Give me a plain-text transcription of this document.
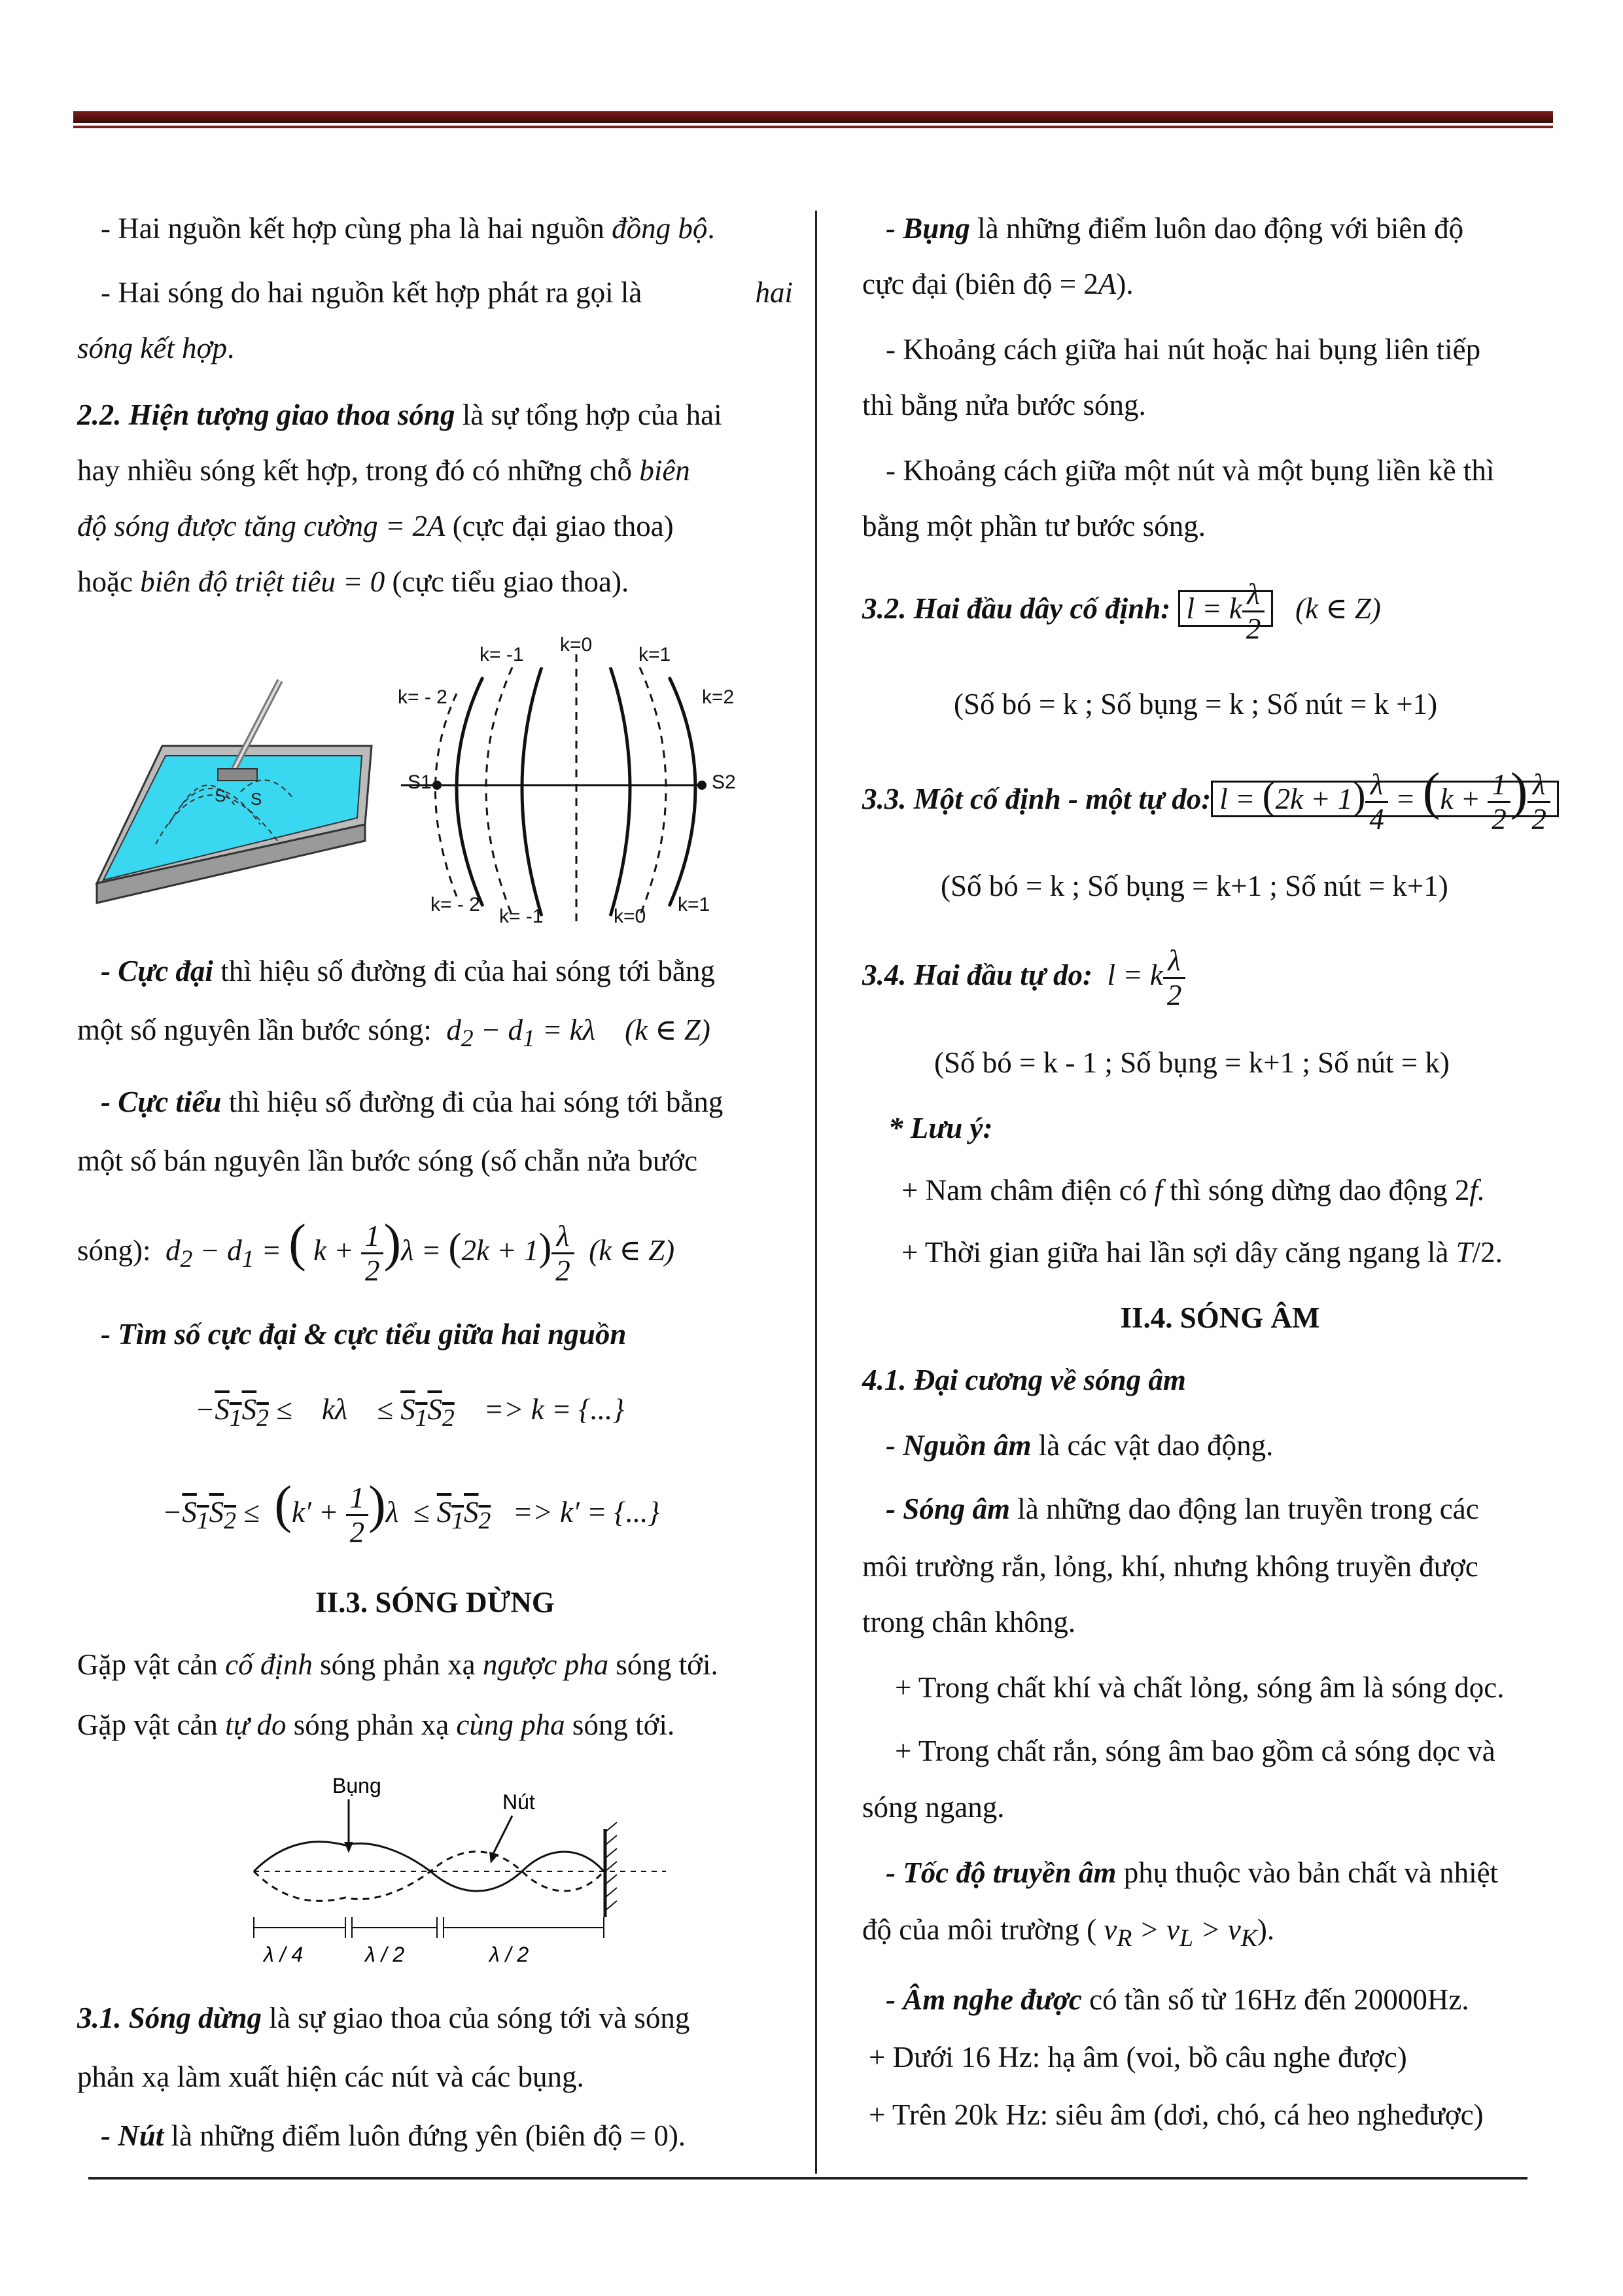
- Hai nguồn kết hợp cùng pha là hai nguồn đồng bộ.
- Hai sóng do hai nguồn kết hợp phát ra gọi là	hai
sóng kết hợp.
2.2. Hiện tượng giao thoa sóng là sự tổng hợp của hai
hay nhiều sóng kết hợp, trong đó có những chỗ biên
độ sóng được tăng cường = 2A (cực đại giao thoa)
hoặc biên độ triệt tiêu = 0 (cực tiểu giao thoa).
S S
k= -1 k=0 k=1
k= - 2	k=2
S1	S2
k= - 2
k= -1	k=0
k=1
- Cực đại thì hiệu số đường đi của hai sóng tới bằng
một số nguyên lần bước sóng:  $d_2 - d_1 = k\lambda$    (k ∈ Z)
- Cực tiểu thì hiệu số đường đi của hai sóng tới bằng
một số bán nguyên lần bước sóng (số chẵn nửa bước
sóng):  $d_2 - d_1$ = ( $k + \frac{1}{2} )\lambda = (2k + 1) \frac{\lambda}{2} (k$ ∈ Z)
- Tìm số cực đại & cực tiểu giữa hai nguồn
$-S_1S_2$ ≤    kλ    ≤ $S_1S_2$    => k = {...}
$-S_1S_2 \le (k' + \frac{1}{2} )\lambda \le S_1S_2 => k'$ = {...}
II.3. SÓNG DỪNG
Gặp vật cản cố định sóng phản xạ ngược pha sóng tới.
Gặp vật cản tự do sóng phản xạ cùng pha sóng tới.
Bụng
Nút
λ / 4	λ / 2	λ / 2
3.1. Sóng dừng là sự giao thoa của sóng tới và sóng
phản xạ làm xuất hiện các nút và các bụng.
- Nút là những điểm luôn đứng yên (biên độ = 0).
- Bụng là những điểm luôn dao động với biên độ
cực đại (biên độ = 2A).
- Khoảng cách giữa hai nút hoặc hai bụng liên tiếp
thì bằng nửa bước sóng.
- Khoảng cách giữa một nút và một bụng liền kề thì
bằng một phần tư bước sóng.
3.2. Hai đầu dây cố định: l = k $\frac{\lambda}{2} (k$ ∈ Z)
(Số bó = k ; Số bụng = k ; Số nút = k +1)
3.3. Một cố định - một tự do: $l = (2k + 1) \frac{\lambda}{4} = (k + \frac{1}{2}$ ) $\frac{\lambda}{2}$
(Số bó = k ; Số bụng = k+1 ; Số nút = k+1)
3.4. Hai đầu tự do:  l = k $\frac{\lambda}{2}$
(Số bó = k - 1 ; Số bụng = k+1 ; Số nút = k)
* Lưu ý:
+ Nam châm điện có f thì sóng dừng dao động 2f.
+ Thời gian giữa hai lần sợi dây căng ngang là T/2.
II.4. SÓNG ÂM
4.1. Đại cương về sóng âm
- Nguồn âm là các vật dao động.
- Sóng âm là những dao động lan truyền trong các
môi trường rắn, lỏng, khí, nhưng không truyền được
trong chân không.
+ Trong chất khí và chất lỏng, sóng âm là sóng dọc.
+ Trong chất rắn, sóng âm bao gồm cả sóng dọc và
sóng ngang.
- Tốc độ truyền âm phụ thuộc vào bản chất và nhiệt
độ của môi trường ( $v_R > v_L > v_K$).
- Âm nghe được có tần số từ 16Hz đến 20000Hz.
+ Dưới 16 Hz: hạ âm (voi, bồ câu nghe được)
+ Trên 20k Hz: siêu âm (dơi, chó, cá heo ngheđược)
